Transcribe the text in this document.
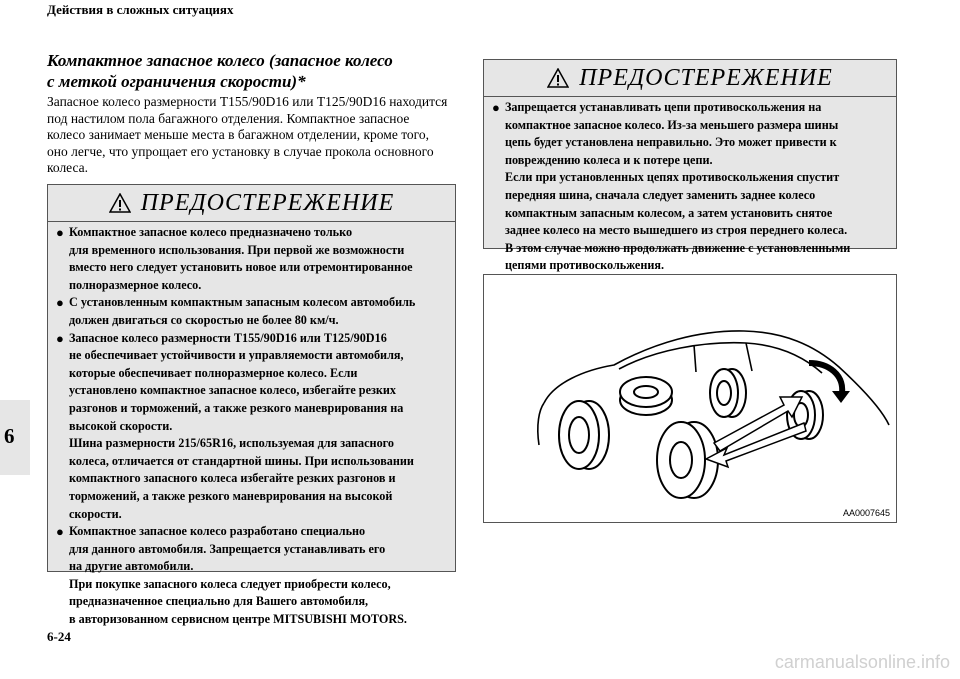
Действия в сложных ситуациях
Компактное запасное колесо (запасное колесо
с меткой ограничения скорости)*
Запасное колесо размерности T155/90D16 или T125/90D16 находится
под настилом пола багажного отделения. Компактное запасное
колесо занимает меньше места в багажном отделении, кроме того,
оно легче, что упрощает его установку в случае прокола основного
колеса.
6
ПРЕДОСТЕРЕЖЕНИЕ
● Компактное запасное колесо предназначено только
для временного использования. При первой же возможности
вместо него следует установить новое или отремонтированное
полноразмерное колесо.
● С установленным компактным запасным колесом автомобиль
должен двигаться со скоростью не более 80 км/ч.
● Запасное колесо размерности T155/90D16 или T125/90D16
не обеспечивает устойчивости и управляемости автомобиля,
которые обеспечивает полноразмерное колесо. Если
установлено компактное запасное колесо, избегайте резких
разгонов и торможений, а также резкого маневрирования на
высокой скорости.
Шина размерности 215/65R16, используемая для запасного
колеса, отличается от стандартной шины. При использовании
компактного запасного колеса избегайте резких разгонов и
торможений, а также резкого маневрирования на высокой
скорости.
● Компактное запасное колесо разработано специально
для данного автомобиля. Запрещается устанавливать его
на другие автомобили.
При покупке запасного колеса следует приобрести колесо,
предназначенное специально для Вашего автомобиля,
в авторизованном сервисном центре MITSUBISHI MOTORS.
ПРЕДОСТЕРЕЖЕНИЕ
● Запрещается устанавливать цепи противоскольжения на
компактное запасное колесо. Из-за меньшего размера шины
цепь будет установлена неправильно. Это может привести к
повреждению колеса и к потере цепи.
Если при установленных цепях противоскольжения спустит
передняя шина, сначала следует заменить заднее колесо
компактным запасным колесом, а затем установить снятое
заднее колесо на место вышедшего из строя переднего колеса.
В этом случае можно продолжать движение с установленными
цепями противоскольжения.
AA0007645
6-24
carmanualsonline.info
